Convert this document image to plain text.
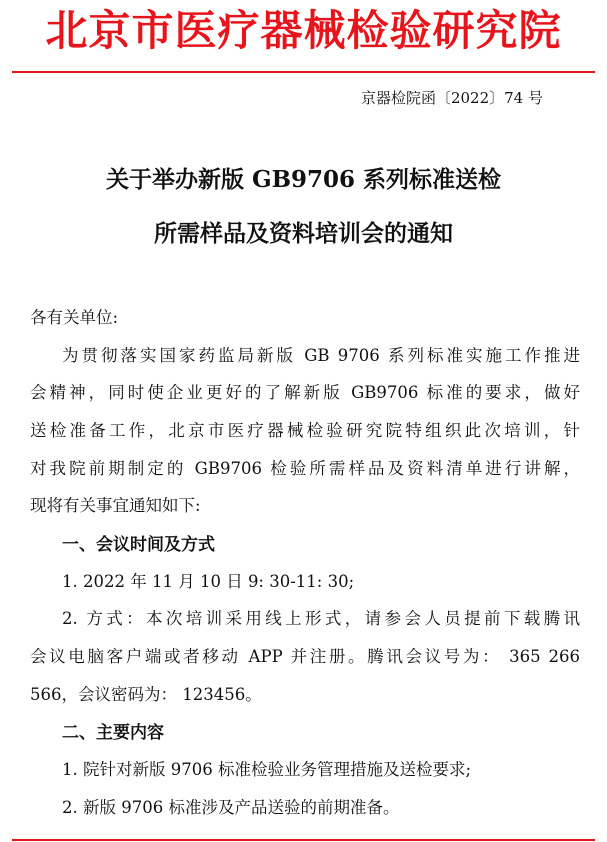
北京市医疗器械检验研究院
京器检院函〔2022〕74 号
关于举办新版 GB9706 系列标准送检
所需样品及资料培训会的通知
各有关单位:
为贯彻落实国家药监局新版 GB 9706 系列标准实施工作推进
会精神，同时使企业更好的了解新版 GB9706 标准的要求，做好
送检准备工作，北京市医疗器械检验研究院特组织此次培训，针
对我院前期制定的 GB9706 检验所需样品及资料清单进行讲解，
现将有关事宜通知如下:
一、会议时间及方式
1. 2022 年 11 月 10 日 9: 30-11: 30;
2. 方式：本次培训采用线上形式，请参会人员提前下载腾讯
会议电脑客户端或者移动 APP 并注册。腾讯会议号为： 365 266
566，会议密码为： 123456。
二、主要内容
1. 院针对新版 9706 标准检验业务管理措施及送检要求;
2. 新版 9706 标准涉及产品送验的前期准备。
